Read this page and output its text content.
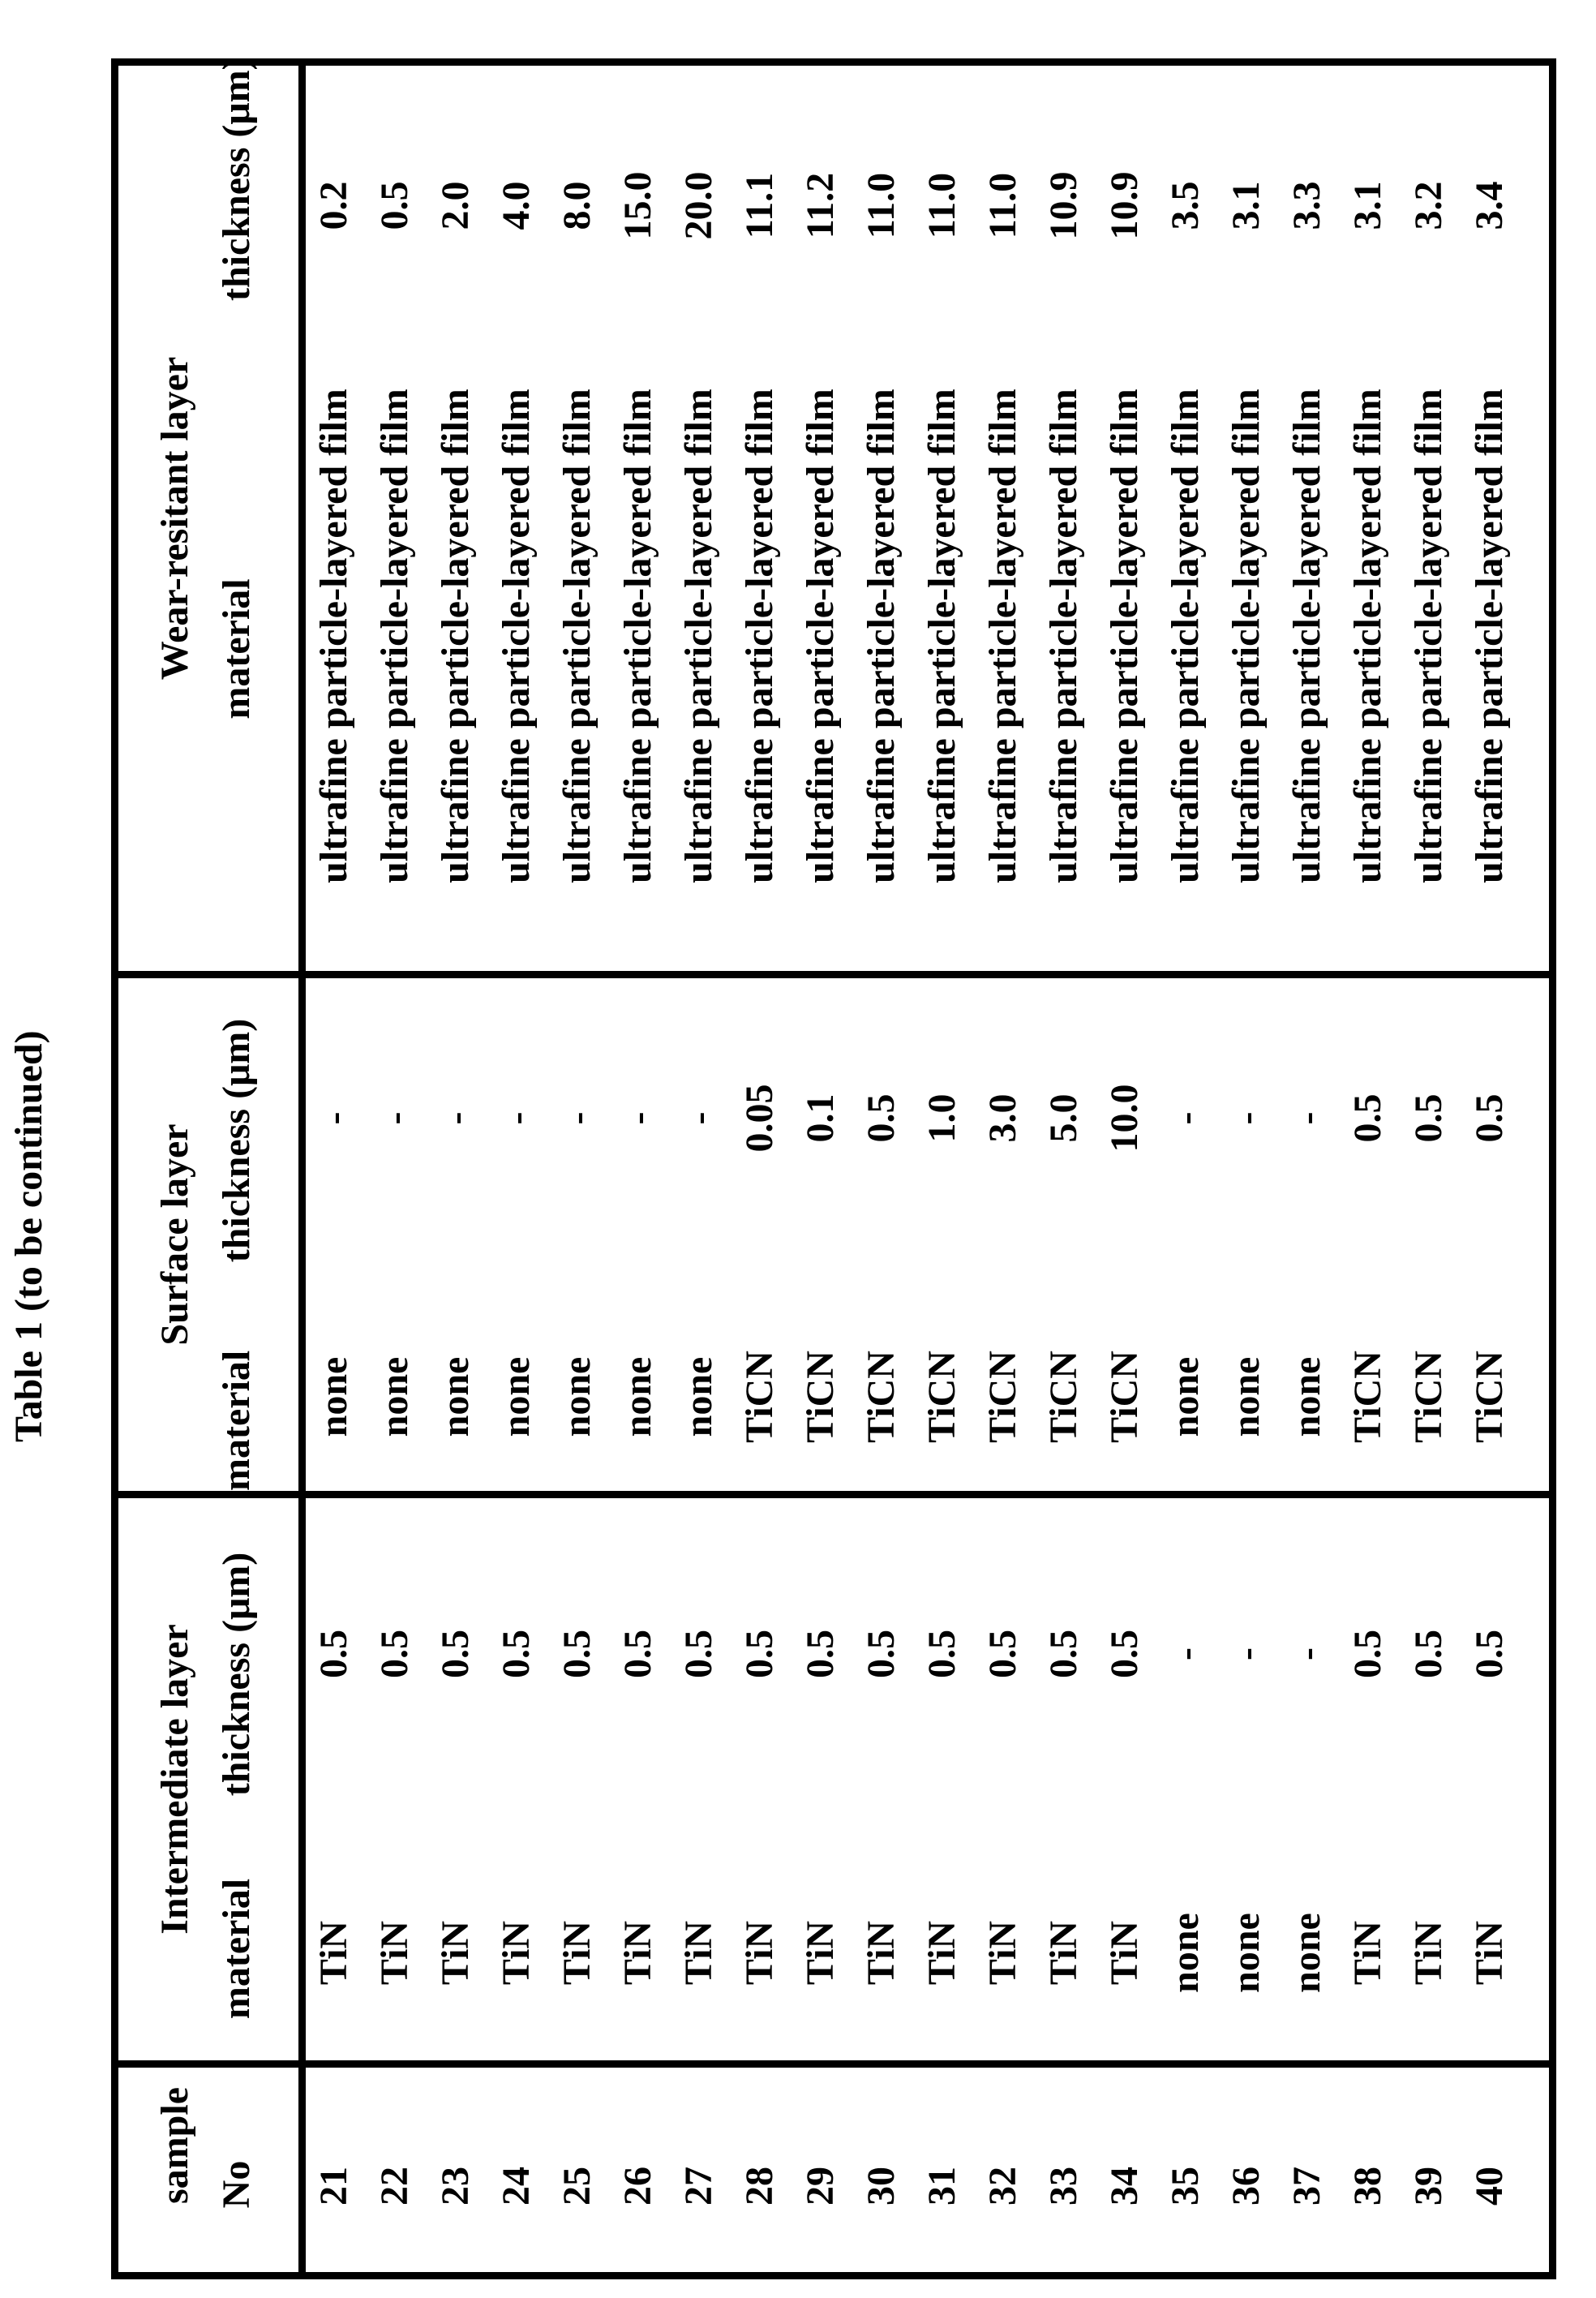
Table 1 (to be continued)
sample No
Intermediate layer
material
thickness (μm)
Surface layer
material
thickness (μm)
Wear-resitant layer material
thickness (μm)
21
TiN
0.5
none
-
ultrafine particle-layered film
0.2
22
TiN
0.5
none
-
ultrafine particle-layered film
0.5
23
TiN
0.5
none
-
ultrafine particle-layered film
2.0
24
TiN
0.5
none
-
ultrafine particle-layered film
4.0
25
TiN
0.5
none
-
ultrafine particle-layered film
8.0
26
TiN
0.5
none
-
ultrafine particle-layered film
15.0
27
TiN
0.5
none
-
ultrafine particle-layered film
20.0
28
TiN
0.5
TiCN
0.05
ultrafine particle-layered film
11.1
29
TiN
0.5
TiCN
0.1
ultrafine particle-layered film
11.2
30
TiN
0.5
TiCN
0.5
ultrafine particle-layered film
11.0
31
TiN
0.5
TiCN
1.0
ultrafine particle-layered film
11.0
32
TiN
0.5
TiCN
3.0
ultrafine particle-layered film
11.0
33
TiN
0.5
TiCN
5.0
ultrafine particle-layered film
10.9
34
TiN
0.5
TiCN
10.0
ultrafine particle-layered film
10.9
35
none
-
none
-
ultrafine particle-layered film
3.5
36
none
-
none
-
ultrafine particle-layered film
3.1
37
none
-
none
-
ultrafine particle-layered film
3.3
38
TiN
0.5
TiCN
0.5
ultrafine particle-layered film
3.1
39
TiN
0.5
TiCN
0.5
ultrafine particle-layered film
3.2
40
TiN
0.5
TiCN
0.5
ultrafine particle-layered film
3.4
